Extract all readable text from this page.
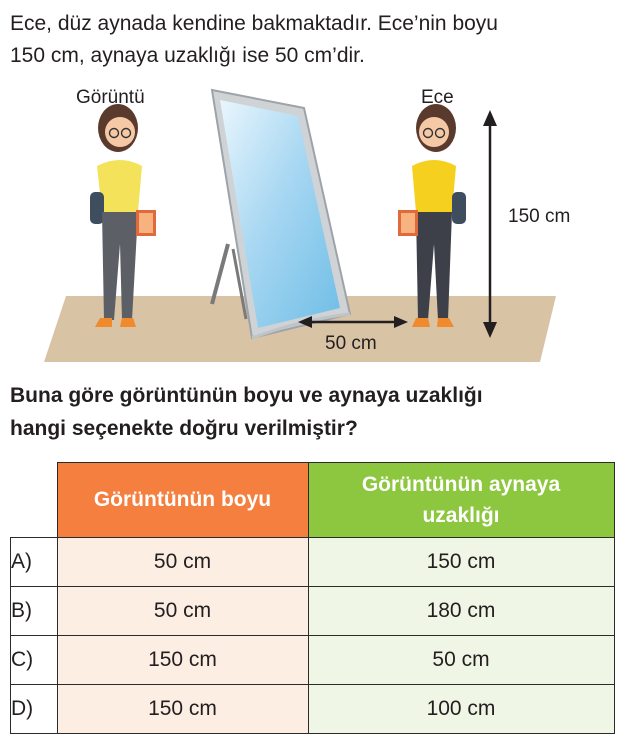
Ece, düz aynada kendine bakmaktadır. Ece’nin boyu
150 cm, aynaya uzaklığı ise 50 cm’dir.

Görüntü	Ece
150 cm
50 cm

Buna göre görüntünün boyu ve aynaya uzaklığı
hangi seçenekte doğru verilmiştir?

	Görüntünün boyu	Görüntünün aynaya
uzaklığı
A)	50 cm	150 cm
B)	50 cm	180 cm
C)	150 cm	50 cm
D)	150 cm	100 cm
